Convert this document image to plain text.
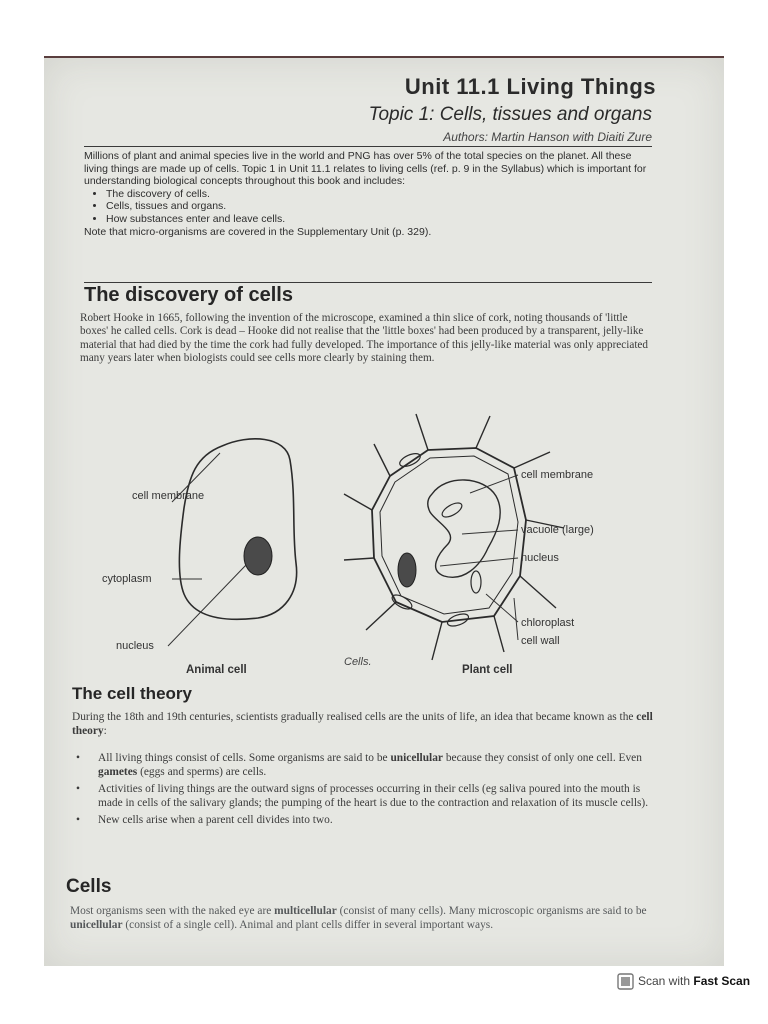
Unit 11.1 Living Things
Topic 1: Cells, tissues and organs
Authors: Martin Hanson with Diaiti Zure
Millions of plant and animal species live in the world and PNG has over 5% of the total species on the planet. All these living things are made up of cells. Topic 1 in Unit 11.1 relates to living cells (ref. p. 9 in the Syllabus) which is important for understanding biological concepts throughout this book and includes:
• The discovery of cells.
• Cells, tissues and organs.
• How substances enter and leave cells.
Note that micro-organisms are covered in the Supplementary Unit (p. 329).
The discovery of cells
Robert Hooke in 1665, following the invention of the microscope, examined a thin slice of cork, noting thousands of 'little boxes' he called cells. Cork is dead – Hooke did not realise that the 'little boxes' had been produced by a transparent, jelly-like material that had died by the time the cork had fully developed. The importance of this jelly-like material was only appreciated many years later when biologists could see cells more clearly by staining them.
cell membrane
cytoplasm
nucleus
Animal cell
cell membrane
vacuole (large)
nucleus
chloroplast
cell wall
Plant cell
Cells.
The cell theory
During the 18th and 19th centuries, scientists gradually realised cells are the units of life, an idea that became known as the cell theory:
• All living things consist of cells. Some organisms are said to be unicellular because they consist of only one cell. Even gametes (eggs and sperms) are cells.
• Activities of living things are the outward signs of processes occurring in their cells (eg saliva poured into the mouth is made in cells of the salivary glands; the pumping of the heart is due to the contraction and relaxation of its muscle cells).
• New cells arise when a parent cell divides into two.
Cells
Most organisms seen with the naked eye are multicellular (consist of many cells). Many microscopic organisms are said to be unicellular (consist of a single cell). Animal and plant cells differ in several important ways.
Scan with Fast Scan
